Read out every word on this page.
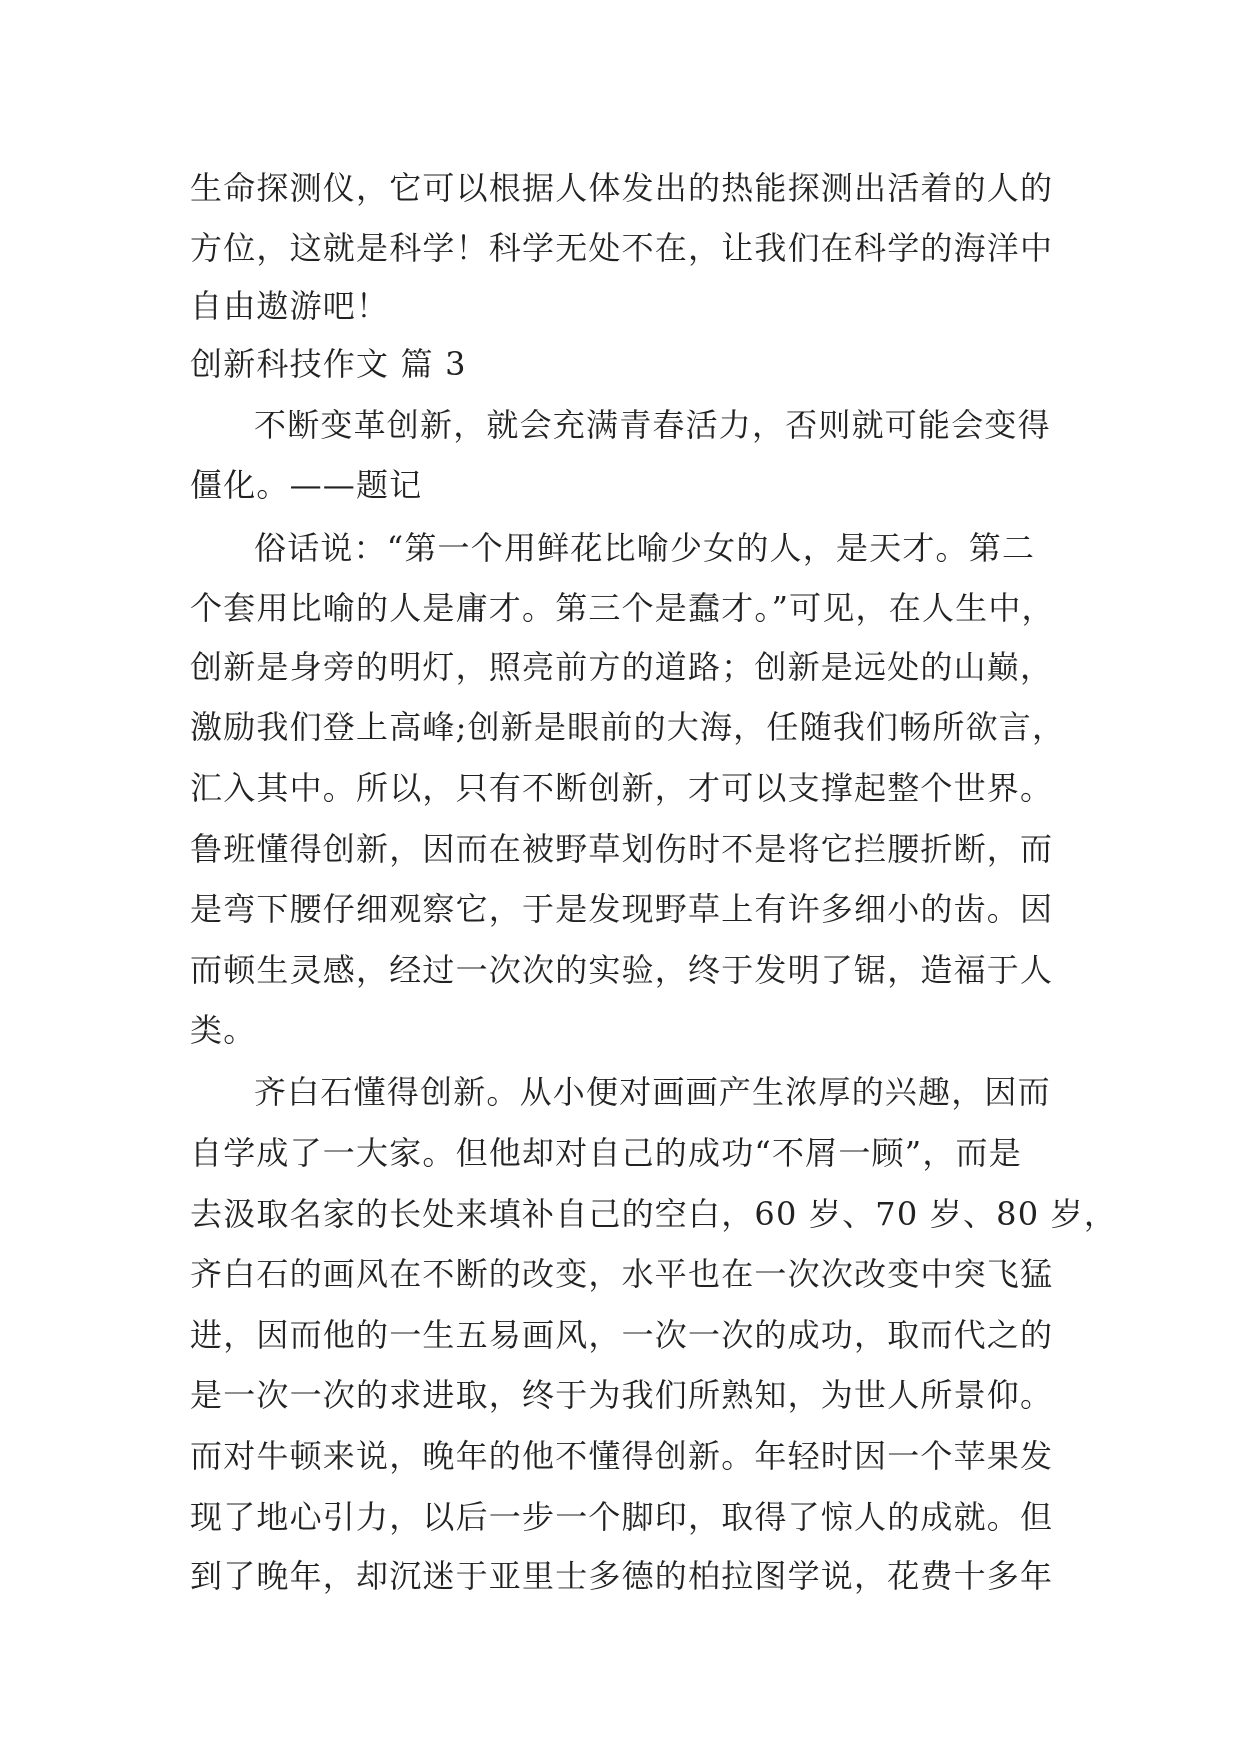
生命探测仪，它可以根据人体发出的热能探测出活着的人的
方位，这就是科学！科学无处不在，让我们在科学的海洋中
自由遨游吧！
创新科技作文 篇 3
不断变革创新，就会充满青春活力，否则就可能会变得
僵化。——题记
俗话说：“第一个用鲜花比喻少女的人，是天才。第二
个套用比喻的人是庸才。第三个是蠢才。”可见，在人生中，
创新是身旁的明灯，照亮前方的道路；创新是远处的山巅，
激励我们登上高峰;创新是眼前的大海，任随我们畅所欲言，
汇入其中。所以，只有不断创新，才可以支撑起整个世界。
鲁班懂得创新，因而在被野草划伤时不是将它拦腰折断，而
是弯下腰仔细观察它，于是发现野草上有许多细小的齿。因
而顿生灵感，经过一次次的实验，终于发明了锯，造福于人
类。
齐白石懂得创新。从小便对画画产生浓厚的兴趣，因而
自学成了一大家。但他却对自己的成功“不屑一顾”，而是
去汲取名家的长处来填补自己的空白，60 岁、70 岁、80 岁，
齐白石的画风在不断的改变，水平也在一次次改变中突飞猛
进，因而他的一生五易画风，一次一次的成功，取而代之的
是一次一次的求进取，终于为我们所熟知，为世人所景仰。
而对牛顿来说，晚年的他不懂得创新。年轻时因一个苹果发
现了地心引力，以后一步一个脚印，取得了惊人的成就。但
到了晚年，却沉迷于亚里士多德的柏拉图学说，花费十多年
